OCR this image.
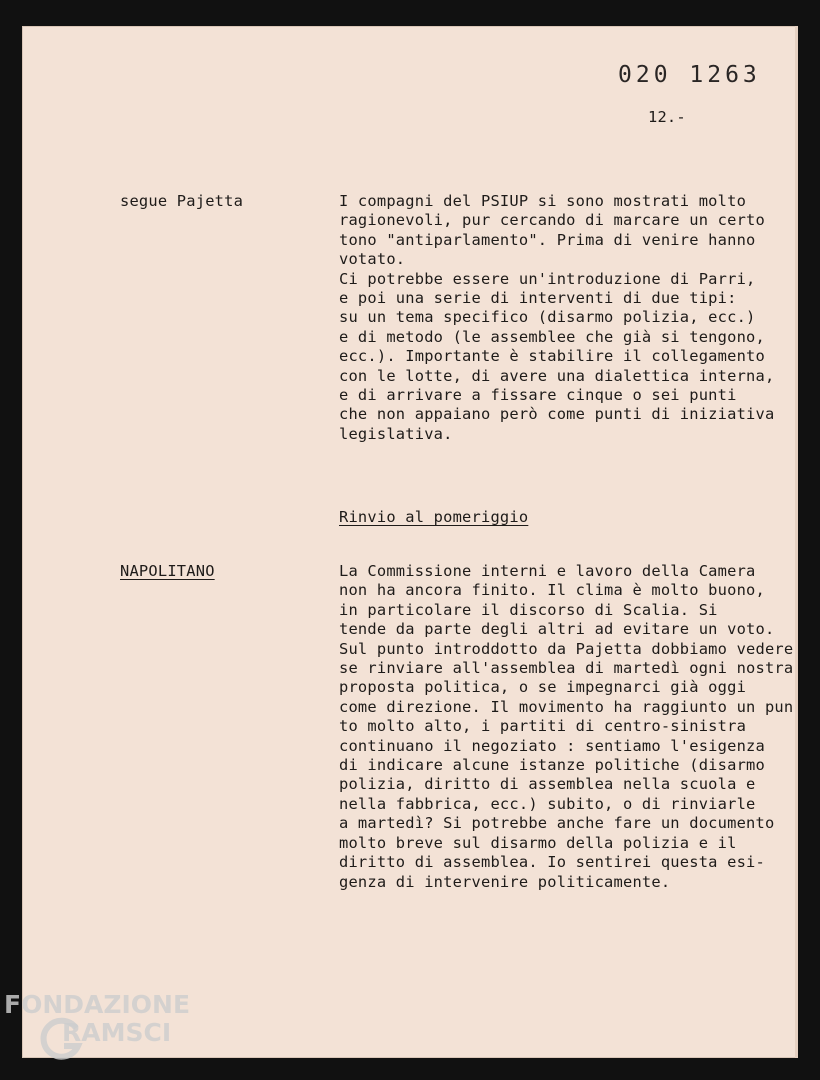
020 1263
12.-
segue Pajetta	I compagni del PSIUP si sono mostrati molto
ragionevoli, pur cercando di marcare un certo
tono "antiparlamento". Prima di venire hanno
votato.
Ci potrebbe essere un'introduzione di Parri,
e poi una serie di interventi di due tipi:
su un tema specifico (disarmo polizia, ecc.)
e di metodo (le assemblee che già si tengono,
ecc.). Importante è stabilire il collegamento
con le lotte, di avere una dialettica interna,
e di arrivare a fissare cinque o sei punti
che non appaiano però come punti di iniziativa
legislativa.
Rinvio al pomeriggio
NAPOLITANO	La Commissione interni e lavoro della Camera
non ha ancora finito. Il clima è molto buono,
in particolare il discorso di Scalia. Si
tende da parte degli altri ad evitare un voto.
Sul punto introddotto da Pajetta dobbiamo vedere
se rinviare all'assemblea di martedì ogni nostra
proposta politica, o se impegnarci già oggi
come direzione. Il movimento ha raggiunto un pun
to molto alto, i partiti di centro-sinistra
continuano il negoziato : sentiamo l'esigenza
di indicare alcune istanze politiche (disarmo
polizia, diritto di assemblea nella scuola e
nella fabbrica, ecc.) subito, o di rinviarle
a martedì? Si potrebbe anche fare un documento
molto breve sul disarmo della polizia e il
diritto di assemblea. Io sentirei questa esi-
genza di intervenire politicamente.
FONDAZIONE
RAMSCI
